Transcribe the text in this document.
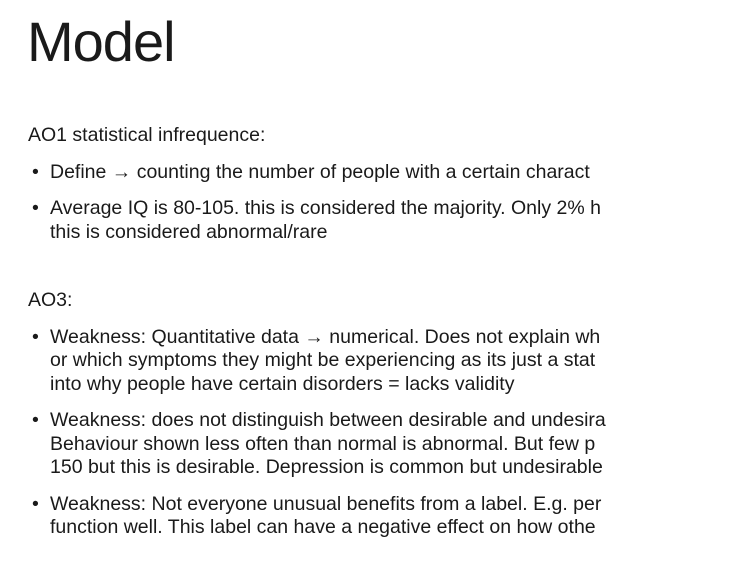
Model
AO1 statistical infrequence:
• Define → counting the number of people with a certain charact
• Average IQ is 80-105. this is considered the majority. Only 2% h
this is considered abnormal/rare
AO3:
• Weakness: Quantitative data → numerical. Does not explain wh
or which symptoms they might be experiencing as its just a stat
into why people have certain disorders = lacks validity
• Weakness: does not distinguish between desirable and undesira
Behaviour shown less often than normal is abnormal. But few p
150 but this is desirable. Depression is common but undesirable
• Weakness: Not everyone unusual benefits from a label. E.g. per
function well. This label can have a negative effect on how othe
